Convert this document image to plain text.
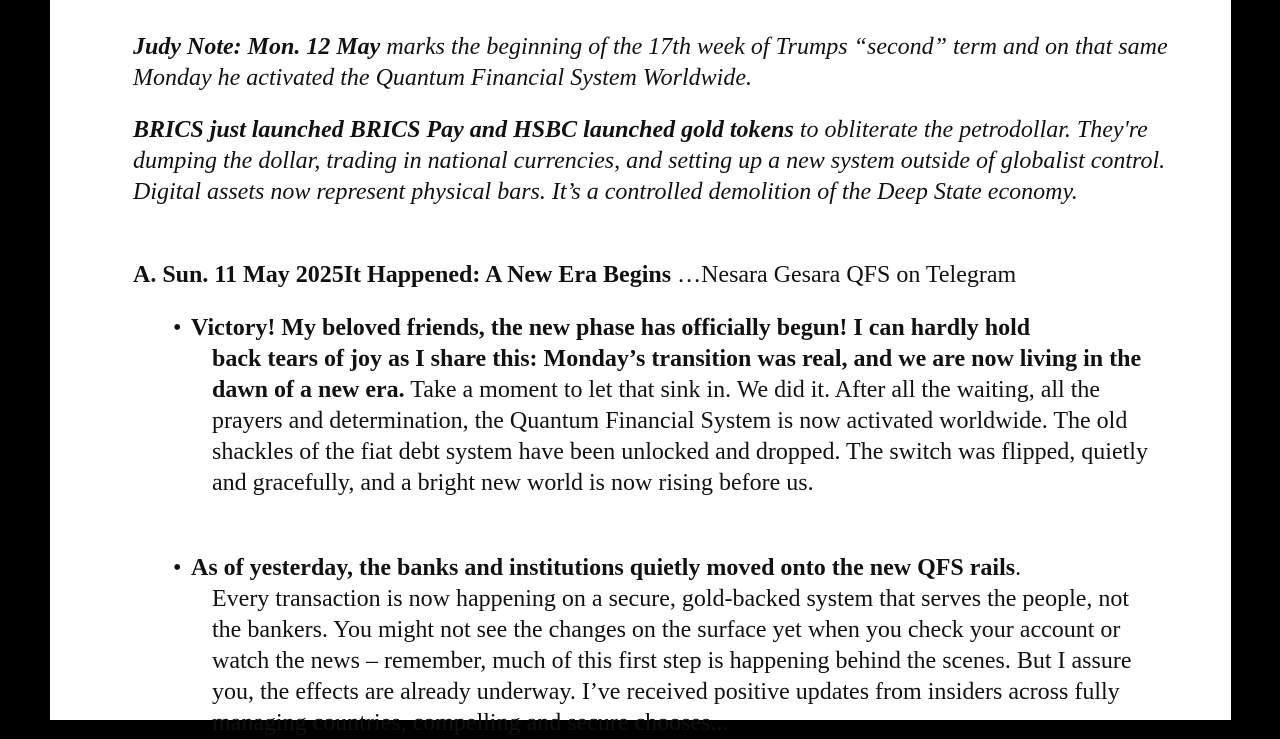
Judy Note: Mon. 12 May marks the beginning of the 17th week of Trumps “second” term and on that same Monday he activated the Quantum Financial System Worldwide.

BRICS just launched BRICS Pay and HSBC launched gold tokens to obliterate the petrodollar. They're dumping the dollar, trading in national currencies, and setting up a new system outside of globalist control. Digital assets now represent physical bars. It’s a controlled demolition of the Deep State economy.

A. Sun. 11 May 2025It Happened: A New Era Begins …Nesara Gesara QFS on Telegram
• Victory! My beloved friends, the new phase has officially begun! I can hardly hold
back tears of joy as I share this: Monday’s transition was real, and we are now living in the dawn of a new era. Take a moment to let that sink in. We did it. After all the waiting, all the prayers and determination, the Quantum Financial System is now activated worldwide. The old shackles of the fiat debt system have been unlocked and dropped. The switch was flipped, quietly and gracefully, and a bright new world is now rising before us.
• As of yesterday, the banks and institutions quietly moved onto the new QFS rails.
Every transaction is now happening on a secure, gold-backed system that serves the people, not the bankers. You might not see the changes on the surface yet when you check your account or watch the news – remember, much of this first step is happening behind the scenes. But I assure you, the effects are already underway. I’ve received positive updates from insiders across fully managing countries, compelling and secure chooses...
